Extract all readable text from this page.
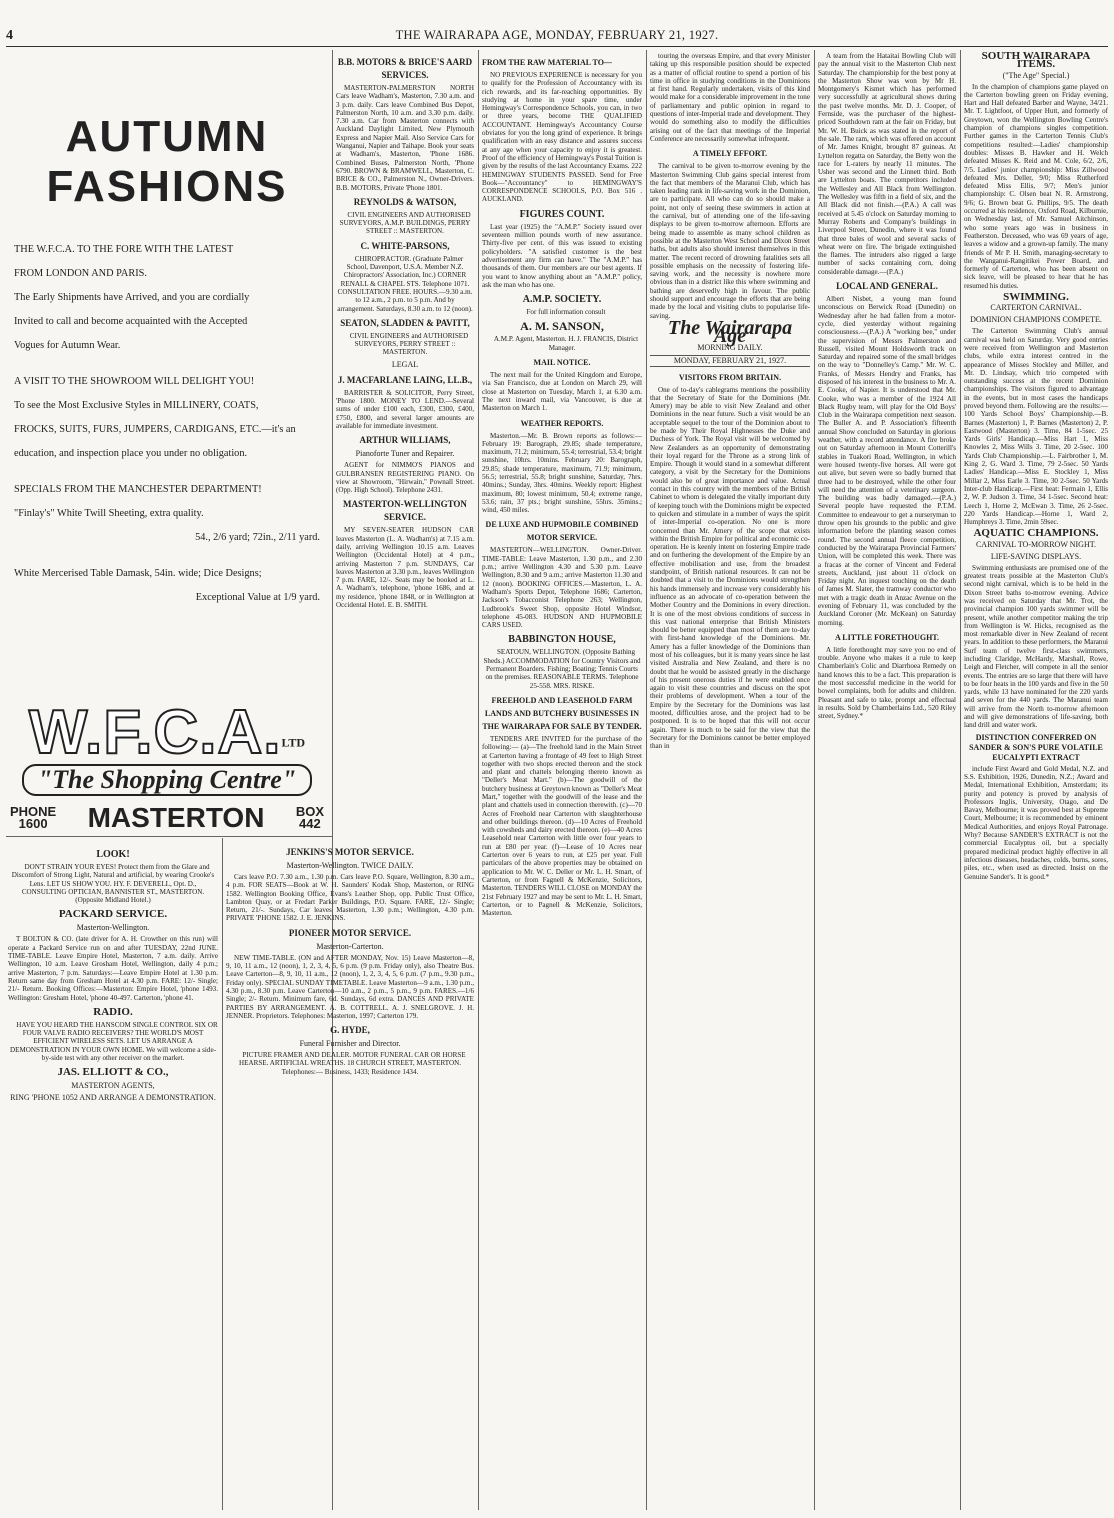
4	THE WAIRARAPA AGE, MONDAY, FEBRUARY 21, 1927.
AUTUMN
FASHIONS
THE W.F.C.A. TO THE FORE WITH THE LATEST
FROM LONDON AND PARIS.
The Early Shipments have Arrived, and you are cordially
Invited to call and become acquainted with the Accepted
Vogues for Autumn Wear.
A VISIT TO THE SHOWROOM WILL DELIGHT YOU!
To see the Most Exclusive Styles in MILLINERY, COATS,
FROCKS, SUITS, FURS, JUMPERS, CARDIGANS, ETC.—it's an
education, and inspection place you under no obligation.
SPECIALS FROM THE MANCHESTER DEPARTMENT!
"Finlay's" White Twill Sheeting, extra quality.
54., 2/6 yard; 72in., 2/11 yard.
White Mercerised Table Damask, 54in. wide; Dice Designs;
Exceptional Value at 1/9 yard.
W.F.C.A.$^{LTD}$
"The Shopping Centre"
PHONE
1600	MASTERTON BOX
442
LOOK!

DON'T STRAIN YOUR EYES! Protect them from the Glare and Discomfort of Strong Light, Natural and artificial, by wearing Crooke's Lens. LET US SHOW YOU. HY. F. DEVERELL, Opt. D., CONSULTING OPTICIAN, BANNISTER ST., MASTERTON. (Opposite Midland Hotel.)

PACKARD SERVICE.
Masterton-Wellington.

T BOLTON & CO. (late driver for A. H. Crowther on this run) will operate a Packard Service run on and after TUESDAY, 22nd JUNE. TIME-TABLE. Leave Empire Hotel, Masterton, 7 a.m. daily. Arrive Wellington, 10 a.m. Leave Grosham Hotel, Wellington, daily 4 p.m.; arrive Masterton, 7 p.m. Saturdays:—Leave Empire Hotel at 1.30 p.m. Return same day from Gresham Hotel at 4.30 p.m. FARE: 12/- Single; 21/- Return. Booking Offices:—Masterton: Empire Hotel, 'phone 1493. Wellington: Gresham Hotel, 'phone 40-497. Carterton, 'phone 41.

RADIO.

HAVE YOU HEARD THE HANSCOM SINGLE CONTROL SIX OR FOUR VALVE RADIO RECEIVERS? THE WORLD'S MOST EFFICIENT WIRELESS SETS. LET US ARRANGE A DEMONSTRATION IN YOUR OWN HOME. We will welcome a side-by-side test with any other receiver on the market.

JAS. ELLIOTT & CO.,
MASTERTON AGENTS,
RING 'PHONE 1052 AND ARRANGE A DEMONSTRATION.
B.B. MOTORS & BRICE'S AARD SERVICES.

MASTERTON-PALMERSTON NORTH Cars leave Wadham's, Masterton, 7.30 a.m. and 3 p.m. daily. Cars leave Combined Bus Depot, Palmerston North, 10 a.m. and 3.30 p.m. daily. 7.30 a.m. Car from Masterton connects with Auckland Daylight Limited, New Plymouth Express and Napier Mail. Also Service Cars for Wanganui, Napier and Taihape. Book your seats at Wadham's, Masterton, 'Phone 1686. Combined Buses, Palmerston North, 'Phone 6790. BROWN & BRAMWELL, Masterton, C. BRICE & CO., Palmerston N., Owner-Drivers. B.B. MOTORS, Private 'Phone 1801.

REYNOLDS & WATSON,

CIVIL ENGINEERS AND AUTHORISED SURVEYORS, A.M.P. BUILDINGS, PERRY STREET :: MASTERTON.

C. WHITE-PARSONS,

CHIROPRACTOR. (Graduate Palmer School, Davenport, U.S.A. Member N.Z. Chiropractors' Association, Inc.) CORNER RENALL & CHAPEL STS. Telephone 1071. CONSULTATION FREE. HOURS.—9.30 a.m. to 12 a.m., 2 p.m. to 5 p.m. And by arrangement. Saturdays, 8.30 a.m. to 12 (noon).

SEATON, SLADDEN & PAVITT,

CIVIL ENGINEERS and AUTHORISED SURVEYORS, PERRY STREET :: MASTERTON.

LEGAL
J. MACFARLANE LAING, LL.B.,

BARRISTER & SOLICITOR, Perry Street, 'Phone 1800. MONEY TO LEND.—Several sums of under £100 each, £300, £300, £400, £750, £800, and several larger amounts are available for immediate investment.

ARTHUR WILLIAMS,
Pianoforte Tuner and Repairer.

AGENT for NIMMO'S PIANOS and GULBRANSEN REGISTERING PIANO. On view at Showroom, "Hirwain," Pownall Street. (Opp. High School). Telephone 2431.

MASTERTON-WELLINGTON SERVICE.

MY SEVEN-SEATER HUDSON CAR leaves Masterton (L. A. Wadham's) at 7.15 a.m. daily, arriving Wellington 10.15 a.m. Leaves Wellington (Occidental Hotel) at 4 p.m., arriving Masterton 7 p.m. SUNDAYS, Car leaves Masterton at 3.30 p.m., leaves Wellington 7 p.m. FARE, 12/-. Seats may be booked at L. A. Wadham's, telephone, 'phone 1686, and at my residence, 'phone 1848, or in Wellington at Occidental Hotel. E. B. SMITH.

JENKINS'S MOTOR SERVICE.
Masterton-Wellington. TWICE DAILY.

Cars leave P.O. 7.30 a.m., 1.30 p.m. Cars leave P.O. Square, Wellington, 8.30 a.m., 4 p.m. FOR SEATS—Book at W. H. Saunders' Kodak Shop, Masterton, or RING 1582. Wellington Booking Office, Evans's Leather Shop, opp. Public Trust Office, Lambton Quay, or at Fredart Parker Buildings, P.O. Square. FARE, 12/- Single; Return, 21/-. Sundays, Car leaves Masterton, 1.30 p.m.; Wellington, 4.30 p.m. PRIVATE 'PHONE 1582. J. E. JENKINS.

PIONEER MOTOR SERVICE.
Masterton-Carterton.

NEW TIME-TABLE. (ON and AFTER MONDAY, Nov. 15) Leave Masterton—8, 9, 10, 11 a.m., 12 (noon), 1, 2, 3, 4, 5, 6 p.m. (9 p.m. Friday only), also Theatre Bus. Leave Carterton—8, 9, 10, 11 a.m., 12 (noon), 1, 2, 3, 4, 5, 6 p.m. (7 p.m., 9.30 p.m., Friday only). SPECIAL SUNDAY TIMETABLE. Leave Masterton—9 a.m., 1.30 p.m., 4.30 p.m., 8.30 p.m. Leave Carterton—10 a.m., 2 p.m., 5 p.m., 9 p.m. FARES.—1/6 Single; 2/- Return. Minimum fare, 6d. Sundays, 6d extra. DANCES AND PRIVATE PARTIES BY ARRANGEMENT. A. B. COTTRELL. A. J. SNELGROVE. J. H. JENNER. Proprietors. Telephones: Masterton, 1997; Carterton 179.

G. HYDE,
Funeral Furnisher and Director.

PICTURE FRAMER AND DEALER. MOTOR FUNERAL CAR OR HORSE HEARSE. ARTIFICIAL WREATHS. 18 CHURCH STREET, MASTERTON. Telephones:— Business, 1433; Residence 1434.

FROM THE RAW MATERIAL TO—

NO PREVIOUS EXPERIENCE is necessary for you to qualify for the Profession of Accountancy with its rich rewards, and its far-reaching opportunities. By studying at home in your spare time, under Hemingway's Correspondence Schools, you can, in two or three years, become THE QUALIFIED ACCOUNTANT. Hemingway's Accountancy Course obviates for you the long grind of experience. It brings qualification with an easy distance and assures success at any age when your capacity to enjoy it is greatest. Proof of the efficiency of Hemingway's Postal Tuition is given by the results of the last Accountancy Exams. 222 HEMINGWAY STUDENTS PASSED. Send for Free Book—"Accountancy" to HEMINGWAY'S CORRESPONDENCE SCHOOLS, P.O. Box 516 . AUCKLAND.

FIGURES COUNT.

Last year (1925) the "A.M.P." Society issued over seventeen million pounds worth of new assurance. Thirty-five per cent. of this was issued to existing policyholders. "A satisfied customer is the best advertisement any firm can have." The "A.M.P." has thousands of them. Our members are our best agents. If you want to know anything about an "A.M.P." policy, ask the man who has one.

A.M.P. SOCIETY.

For full information consult

A. M. SANSON,

A.M.P. Agent, Masterton. H. J. FRANCIS, District Manager.

MAIL NOTICE.

The next mail for the United Kingdom and Europe, via San Francisco, due at London on March 29, will close at Masterton on Tuesday, March 1, at 6.30 a.m. The next inward mail, via Vancouver, is due at Masterton on March 1.

WEATHER REPORTS.

Masterton.—Mr. B. Brown reports as follows:— February 19: Barograph, 29.85; shade temperature, maximum, 71.2; minimum, 55.4; terrestrial, 53.4; bright sunshine, 10hrs. 10mins. February 20: Barograph, 29.85; shade temperature, maximum, 71.9; minimum, 56.5; terrestrial, 55.8; bright sunshine, Saturday, 7hrs. 40mins.; Sunday, 3hrs. 40mins. Weekly report: Highest maximum, 80; lowest minimum, 50.4; extreme range, 53.6; rain, 37 pts.; bright sunshine, 55hrs. 35mins.; wind, 450 miles.

DE LUXE AND HUPMOBILE COMBINED MOTOR SERVICE.

MASTERTON—WELLINGTON. Owner-Driver. TIME-TABLE: Leave Masterton, 1.30 p.m., and 2.30 p.m.; arrive Wellington 4.30 and 5.30 p.m. Leave Wellington, 8.30 and 9 a.m.; arrive Masterton 11.30 and 12 (noon). BOOKING OFFICES.—Masterton, L. A. Wadham's Sports Depot, Telephone 1686; Carterton, Jackson's Tobacconist Telephone 263; Wellington, Ludbrook's Sweet Shop, opposite Hotel Windsor, telephone 45-083. HUDSON AND HUPMOBILE CARS USED.

BABBINGTON HOUSE,

SEATOUN, WELLINGTON. (Opposite Bathing Sheds.) ACCOMMODATION for Country Visitors and Permanent Boarders. Fishing; Boating; Tennis Courts on the premises. REASONABLE TERMS. Telephone 25-558. MRS. RISKE.

FREEHOLD AND LEASEHOLD FARM LANDS AND BUTCHERY BUSINESSES IN THE WAIRARAPA FOR SALE BY TENDER.

TENDERS ARE INVITED for the purchase of the following:— (a)—The freehold land in the Main Street at Carterton having a frontage of 49 feet to High Street together with two shops erected thereon and the stock and plant and chattels belonging thereto known as "Deller's Meat Mart." (b)—The goodwill of the butchery business at Greytown known as "Deller's Meat Mart," together with the goodwill of the lease and the plant and chattels used in connection therewith. (c)—70 Acres of Freehold near Carterton with slaughterhouse and other buildings thereon. (d)—10 Acres of Freehold with cowsheds and dairy erected thereon. (e)—40 Acres Leasehold near Carterton with little over four years to run at £80 per year. (f)—Lease of 10 Acres near Carterton over 6 years to run, at £25 per year. Full particulars of the above properties may be obtained on application to Mr. W. C. Deller or Mr. L. H. Smart, of Carterton, or from Fagnell & McKenzie, Solicitors, Masterton. TENDERS WILL CLOSE on MONDAY the 21st February 1927 and may be sent to Mr. L. H. Smart, Carterton, or to Pagnell & McKenzie, Solicitors, Masterton.

touring the overseas Empire, and that every Minister taking up this responsible position should be expected as a matter of official routine to spend a portion of his time in office in studying conditions in the Dominions at first hand. Regularly undertaken, visits of this kind would make for a considerable improvement in the tone of parliamentary and public opinion in regard to questions of inter-Imperial trade and development. They would do something also to modify the difficulties arising out of the fact that meetings of the Imperial Conference are necessarily somewhat infrequent.

A TIMELY EFFORT.

The carnival to be given to-morrow evening by the Masterton Swimming Club gains special interest from the fact that members of the Maranui Club, which has taken leading rank in life-saving work in the Dominion, are to participate. All who can do so should make a point, not only of seeing these swimmers in action at the carnival, but of attending one of the life-saving displays to be given to-morrow afternoon. Efforts are being made to assemble as many school children as possible at the Masterton West School and Dixon Street baths, but adults also should interest themselves in this matter. The recent record of drowning fatalities sets all possible emphasis on the necessity of fostering life-saving work, and the necessity is nowhere more obvious than in a district like this where swimming and bathing are deservedly high in favour. The public should support and encourage the efforts that are being made by the local and visiting clubs to popularise life-saving.

The Wairarapa Age
MORNING DAILY.
MONDAY, FEBRUARY 21, 1927.
VISITORS FROM BRITAIN.

One of to-day's cablegrams mentions the possibility that the Secretary of State for the Dominions (Mr. Amery) may be able to visit New Zealand and other Dominions in the near future. Such a visit would be an acceptable sequel to the tour of the Dominion about to be made by Their Royal Highnesses the Duke and Duchess of York. The Royal visit will be welcomed by New Zealanders as an opportunity of demonstrating their loyal regard for the Throne as a strong link of Empire. Though it would stand in a somewhat different category, a visit by the Secretary for the Dominions would also be of great importance and value. Actual contact in this country with the members of the British Cabinet to whom is delegated the vitally important duty of keeping touch with the Dominions might be expected to quicken and stimulate in a number of ways the spirit of inter-Imperial co-operation. No one is more concerned than Mr. Amery of the scope that exists within the British Empire for political and economic co-operation. He is keenly intent on fostering Empire trade and on furthering the development of the Empire by an effective mobilisation and use, from the broadest standpoint, of British national resources. It can not be doubted that a visit to the Dominions would strengthen his hands immensely and increase very considerably his influence as an advocate of co-operation between the Mother Country and the Dominions in every direction. It is one of the most obvious conditions of success in this vast national enterprise that British Ministers should be better equipped than most of them are to-day with first-hand knowledge of the Dominions. Mr. Amery has a fuller knowledge of the Dominions than most of his colleagues, but it is many years since he last visited Australia and New Zealand, and there is no doubt that he would be assisted greatly in the discharge of his present onerous duties if he were enabled once again to visit these countries and discuss on the spot their problems of development. When a tour of the Empire by the Secretary for the Dominions was last mooted, difficulties arose, and the project had to be postponed. It is to be hoped that this will not occur again. There is much to be said for the view that the Secretary for the Dominions cannot be better employed than in

A team from the Hataitai Bowling Club will pay the annual visit to the Masterton Club next Saturday. The championship for the best pony at the Masterton Show was won by Mr H. Montgomery's Kismet which has performed very successfully at agricultural shows during the past twelve months. Mr. D. J. Cooper, of Fernside, was the purchaser of the highest-priced Southdown ram at the fair on Friday, but Mr. W. H. Buick as was stated in the report of the sale. The ram, which was offered on account of Mr. James Knight, brought 87 guineas. At Lyttelton regatta on Saturday, the Betty won the race for L-raters by nearly 11 minutes. The Usher was second and the Linnett third. Both are Lyttelton boats. The competitors included the Wellesley and All Black from Wellington. The Wellesley was fifth in a field of six, and the All Black did not finish.—(P.A.) A call was received at 5.45 o'clock on Saturday morning to Murray Roberts and Company's buildings in Liverpool Street, Dunedin, where it was found that three bales of wool and several sacks of wheat were on fire. The brigade extinguished the flames. The intruders also rigged a large number of sacks containing corn, doing considerable damage.—(P.A.)

LOCAL AND GENERAL.

Albert Nisbet, a young man found unconscious on Berwick Road (Dunedin) on Wednesday after he had fallen from a motor-cycle, died yesterday without regaining consciousness.—(P.A.) A "working bee," under the supervision of Messrs Palmerston and Russell, visited Mount Holdsworth track on Saturday and repaired some of the small bridges on the way to "Donnelley's Camp." Mr. W. C. Franks, of Messrs Hendry and Franks, has disposed of his interest in the business to Mr. A. E. Cooke, of Napier. It is understood that Mr. Cooke, who was a member of the 1924 All Black Rugby team, will play for the Old Boys' Club in the Wairarapa competition next season. The Buller A. and P. Association's fifteenth annual Show concluded on Saturday in glorious weather, with a record attendance. A fire broke out on Saturday afternoon in Mount Cotterill's stables in Tuakori Road, Wellington, in which were housed twenty-five horses. All were got out alive, but seven were so badly burned that three had to be destroyed, while the other four will need the attention of a veterinary surgeon. The building was badly damaged.—(P.A.) Several people have requested the P.T.M. Committee to endeavour to get a nurseryman to throw open his grounds to the public and give information before the planting season comes round. The second annual fleece competition, conducted by the Wairarapa Provincial Farmers' Union, will be completed this week. There was a fracas at the corner of Vincent and Federal streets, Auckland, just about 11 o'clock on Friday night. An inquest touching on the death of James M. Slater, the tramway conductor who met with a tragic death in Anzac Avenue on the evening of February 11, was concluded by the Auckland Coroner (Mr. McKean) on Saturday morning.

A LITTLE FORETHOUGHT.

A little forethought may save you no end of trouble. Anyone who makes it a rule to keep Chamberlain's Colic and Diarrhoea Remedy on hand knows this to be a fact. This preparation is the most successful medicine in the world for bowel complaints, both for adults and children. Pleasant and safe to take, prompt and effectual in results. Sold by Chamberlains Ltd., 520 Riley street, Sydney.*

SOUTH WAIRARAPA ITEMS.
("The Age" Special.)

In the champion of champions game played on the Carterton bowling green on Friday evening, Hart and Hall defeated Barber and Wayne, 34/21. Mr. T. Lightfoot, of Upper Hutt, and formerly of Greytown, won the Wellington Bowling Centre's champion of champions singles competition. Further games in the Carterton Tennis Club's competitions resulted:—Ladies' championship doubles: Misses B. Hawker and H. Welch defeated Misses K. Reid and M. Cole, 6/2, 2/6, 7/5. Ladies' junior championship: Miss Zillwood defeated Mrs. Deller, 9/0; Miss Rutherford defeated Miss Ellis, 9/7; Men's junior championship: C. Olsen beat N. R. Armstrong, 9/6; G. Brown beat G. Phillips, 9/5. The death occurred at his residence, Oxford Road, Kilburnie, on Wednesday last, of Mr. Samuel Aitchinson, who some years ago was in business in Featherston. Deceased, who was 69 years of age, leaves a widow and a grown-up family. The many friends of Mr P. H. Smith, managing-secretary to the Wanganui-Rangitikei Power Board, and formerly of Carterton, who has been absent on sick leave, will be pleased to hear that he has resumed his duties.

SWIMMING.
CARTERTON CARNIVAL.
DOMINION CHAMPIONS COMPETE.

The Carterton Swimming Club's annual carnival was held on Saturday. Very good entries were received from Wellington and Masterton clubs, while extra interest centred in the appearance of Misses Stockley and Miller, and Mr. D. Lindsay, which trio competed with outstanding success at the recent Dominion championships. The visitors figured to advantage in the events, but in most cases the handicaps proved beyond them. Following are the results:— 100 Yards School Boys' Championship.—B. Barnes (Masterton) 1, P. Barnes (Masterton) 2, P. Eastwood (Masterton) 3. Time, 84 1-5sec. 25 Yards Girls' Handicap.—Miss Hart 1, Miss Knowles 2, Miss Wills 3. Time, 20 2-5sec. 100 Yards Club Championship.—L. Fairbrother 1, M. King 2, G. Ward 3. Time, 79 2-5sec. 50 Yards Ladies' Handicap.—Miss E. Stockley 1, Miss Millar 2, Miss Earle 3. Time, 30 2-5sec. 50 Yards Inter-club Handicap.—First heat: Fermain 1, Ellis 2, W. P. Judson 3. Time, 34 1-5sec. Second heat: Leech 1, Horne 2, McEwan 3. Time, 26 2-5sec. 220 Yards Handicap.—Horne 1, Ward 2, Humphreys 3. Time, 2min 59sec.

AQUATIC CHAMPIONS.
CARNIVAL TO-MORROW NIGHT.
LIFE-SAVING DISPLAYS.

Swimming enthusiasts are promised one of the greatest treats possible at the Masterton Club's second night carnival, which is to be held in the Dixon Street baths to-morrow evening. Advice was received on Saturday that Mr. Trot, the provincial champion 100 yards swimmer will be present, while another competitor making the trip from Wellington is W. Hicks, recognised as the most remarkable diver in New Zealand of recent years. In addition to these performers, the Maranui Surf team of twelve first-class swimmers, including Claridge, McHardy, Marshall, Rowe, Leigh and Fletcher, will compete in all the senior events. The entries are so large that there will have to be four heats in the 100 yards and five in the 50 yards, while 13 have nominated for the 220 yards and seven for the 440 yards. The Maranui team will arrive from the North to-morrow afternoon and will give demonstrations of life-saving, both land drill and water work.

DISTINCTION CONFERRED ON SANDER & SON'S PURE VOLATILE EUCALYPTI EXTRACT

include First Award and Gold Medal, N.Z. and S.S. Exhibition, 1926, Dunedin, N.Z.; Award and Medal, International Exhibition, Amsterdam; its purity and potency is proved by analysis of Professors Inglis, University, Otago, and De Bavay, Melbourne; it was proved best at Supreme Court, Melbourne; it is recommended by eminent Medical Authorities, and enjoys Royal Patronage. Why? Because SANDER'S EXTRACT is not the commercial Eucalyptus oil, but a specially prepared medicinal product highly effective in all infectious diseases, headaches, colds, burns, sores, piles, etc., when used as directed. Insist on the Genuine Sander's. It is good.*
